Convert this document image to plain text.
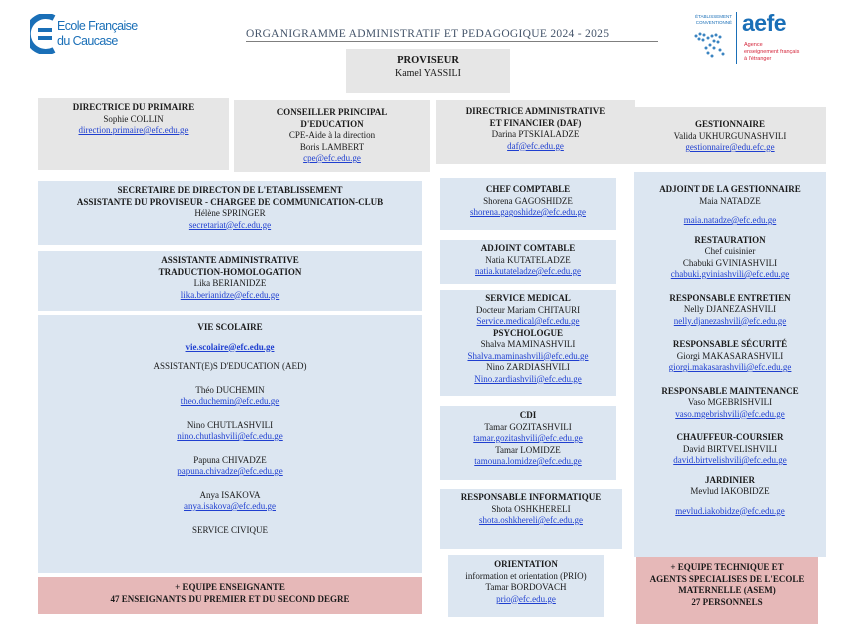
Ecole Française
du Caucase	ORGANIGRAMME ADMINISTRATIF ET PEDAGOGIQUE 2024 - 2025
ÉTABLISSEMENT CONVENTIONNÉ aefe
Agence
enseignement français
à l'étranger
PROVISEUR
Kamel YASSILI
DIRECTRICE DU PRIMAIRE
Sophie COLLIN
direction.primaire@efc.edu.ge
CONSEILLER PRINCIPAL
D'EDUCATION
CPE-Aide à la direction
Boris LAMBERT
cpe@efc.edu.ge
DIRECTRICE ADMINISTRATIVE
ET FINANCIER (DAF)
Darina PTSKIALADZE
daf@efc.edu.ge
GESTIONNAIRE
Valida UKHURGUNASHVILI
gestionnaire@edu.efc.ge
SECRETAIRE DE DIRECTON DE L'ETABLISSEMENT
ASSISTANTE DU PROVISEUR - CHARGEE DE COMMUNICATION-CLUB
Hélène SPRINGER
secretariat@efc.edu.ge
ASSISTANTE ADMINISTRATIVE
TRADUCTION-HOMOLOGATION
Lika BERIANIDZE
lika.berianidze@efc.edu.ge
VIE SCOLAIRE
vie.scolaire@efc.edu.ge
ASSISTANT(E)S D'EDUCATION (AED)
Théo DUCHEMIN
theo.duchemin@efc.edu.ge
Nino CHUTLASHVILI
nino.chutlashvili@efc.edu.ge
Papuna CHIVADZE
papuna.chivadze@efc.edu.ge
Anya ISAKOVA
anya.isakova@efc.edu.ge
SERVICE CIVIQUE
+ EQUIPE ENSEIGNANTE
47 ENSEIGNANTS DU PREMIER ET DU SECOND DEGRE
CHEF COMPTABLE
Shorena GAGOSHIDZE
shorena.gagoshidze@efc.edu.ge
ADJOINT COMTABLE
Natia KUTATELADZE
natia.kutateladze@efc.edu.ge
SERVICE MEDICAL
Docteur Mariam CHITAURI
Service.medical@efc.edu.ge
PSYCHOLOGUE
Shalva MAMINASHVILI
Shalva.maminashvili@efc.edu.ge
Nino ZARDIASHVILI
Nino.zardiashvili@efc.edu.ge
CDI
Tamar GOZITASHVILI
tamar.gozitashvili@efc.edu.ge
Tamar LOMIDZE
tamouna.lomidze@efc.edu.ge
RESPONSABLE INFORMATIQUE
Shota OSHKHERELI
shota.oshkhereli@efc.edu.ge
ORIENTATION
information et orientation (PRIO)
Tamar BORDOVACH
prio@efc.edu.ge
ADJOINT DE LA GESTIONNAIRE
Maia NATADZE
maia.natadze@efc.edu.ge
RESTAURATION
Chef cuisinier
Chabuki GVINIASHVILI
chabuki.gviniashvili@efc.edu.ge
RESPONSABLE ENTRETIEN
Nelly DJANEZASHVILI
nelly.djanezashvili@efc.edu.ge
RESPONSABLE SÉCURITÉ
Giorgi MAKASARASHVILI
giorgi.makasarashvili@efc.edu.ge
RESPONSABLE MAINTENANCE
Vaso MGEBRISHVILI
vaso.mgebrishvili@efc.edu.ge
CHAUFFEUR-COURSIER
David BIRTVELISHVILI
david.birtvelishvili@efc.edu.ge
JARDINIER
Mevlud IAKOBIDZE
mevlud.iakobidze@efc.edu.ge
+ EQUIPE TECHNIQUE ET
AGENTS SPECIALISES DE L'ECOLE
MATERNELLE (ASEM)
27 PERSONNELS
